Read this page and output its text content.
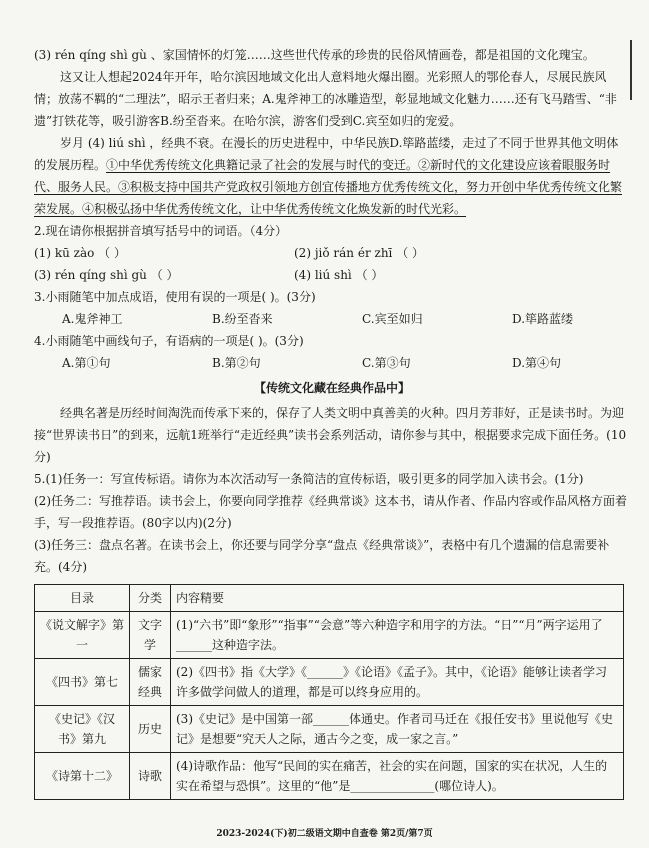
(3) rén qíng shì gù 、家国情怀的灯笼……这些世代传承的珍贵的民俗风情画卷，都是祖国的文化瑰宝。

这又让人想起2024年开年，哈尔滨因地域文化出人意料地火爆出圈。光彩照人的鄂伦春人，尽展民族风情；放荡不羁的“二理法”，昭示王者归来；A.鬼斧神工的冰雕造型，彰显地域文化魅力……还有飞马踏雪、“非遗”打铁花等，吸引游客B.纷至沓来。在哈尔滨，游客们受到C.宾至如归的宠爱。

岁月 (4) liú shì ，经典不衰。在漫长的历史进程中，中华民族D.筚路蓝缕，走过了不同于世界其他文明体的发展历程。①中华优秀传统文化典籍记录了社会的发展与时代的变迁。②新时代的文化建设应该着眼服务时代、服务人民。③积极支持中国共产党政权引领地方创宜传播地方优秀传统文化，努力开创中华优秀传统文化繁荣发展。④积极弘扬中华优秀传统文化，让中华优秀传统文化焕发新的时代光彩。

2.现在请你根据拼音填写括号中的词语。（4分）

(1) kū zào （ ）	(2) jiǒ rán ér zhī （ ）
(3) rén qíng shì gù （ ）	(4) liú shì （ ）

3.小雨随笔中加点成语，使用有误的一项是( )。(3分)

A.鬼斧神工	B.纷至沓来	C.宾至如归	D.筚路蓝缕

4.小雨随笔中画线句子，有语病的一项是( )。(3分)

A.第①句	B.第②句	C.第③句	D.第④句

【传统文化藏在经典作品中】

经典名著是历经时间淘洗而传承下来的，保存了人类文明中真善美的火种。四月芳菲好，正是读书时。为迎接“世界读书日”的到来，远航1班举行“走近经典”读书会系列活动，请你参与其中，根据要求完成下面任务。(10分)

5.(1)任务一：写宣传标语。请你为本次活动写一条简洁的宣传标语，吸引更多的同学加入读书会。(1分)

(2)任务二：写推荐语。读书会上，你要向同学推荐《经典常谈》这本书，请从作者、作品内容或作品风格方面着手，写一段推荐语。(80字以内)(2分)

(3)任务三：盘点名著。在读书会上，你还要与同学分享“盘点《经典常谈》”，表格中有几个遗漏的信息需要补充。(4分)

目录	分类	内容精要
《说文解字》第一	文字学	(1)“六书”即“象形”“指事”“会意”等六种造字和用字的方法。“日”“月”两字运用了______这种造字法。
《四书》第七	儒家经典	(2)《四书》指《大学》《______》《论语》《孟子》。其中，《论语》能够让读者学习许多做学问做人的道理，都是可以终身应用的。
《史记》《汉书》第九	历史	(3)《史记》是中国第一部______体通史。作者司马迁在《报任安书》里说他写《史记》是想要“究天人之际，通古今之变，成一家之言。”
《诗第十二》	诗歌	(4)诗歌作品：他写“民间的实在痛苦，社会的实在问题，国家的实在状况，人生的实在希望与恐惧”。这里的“他”是______________(哪位诗人)。
2023-2024(下)初二级语文期中自查卷 第2页/第7页
